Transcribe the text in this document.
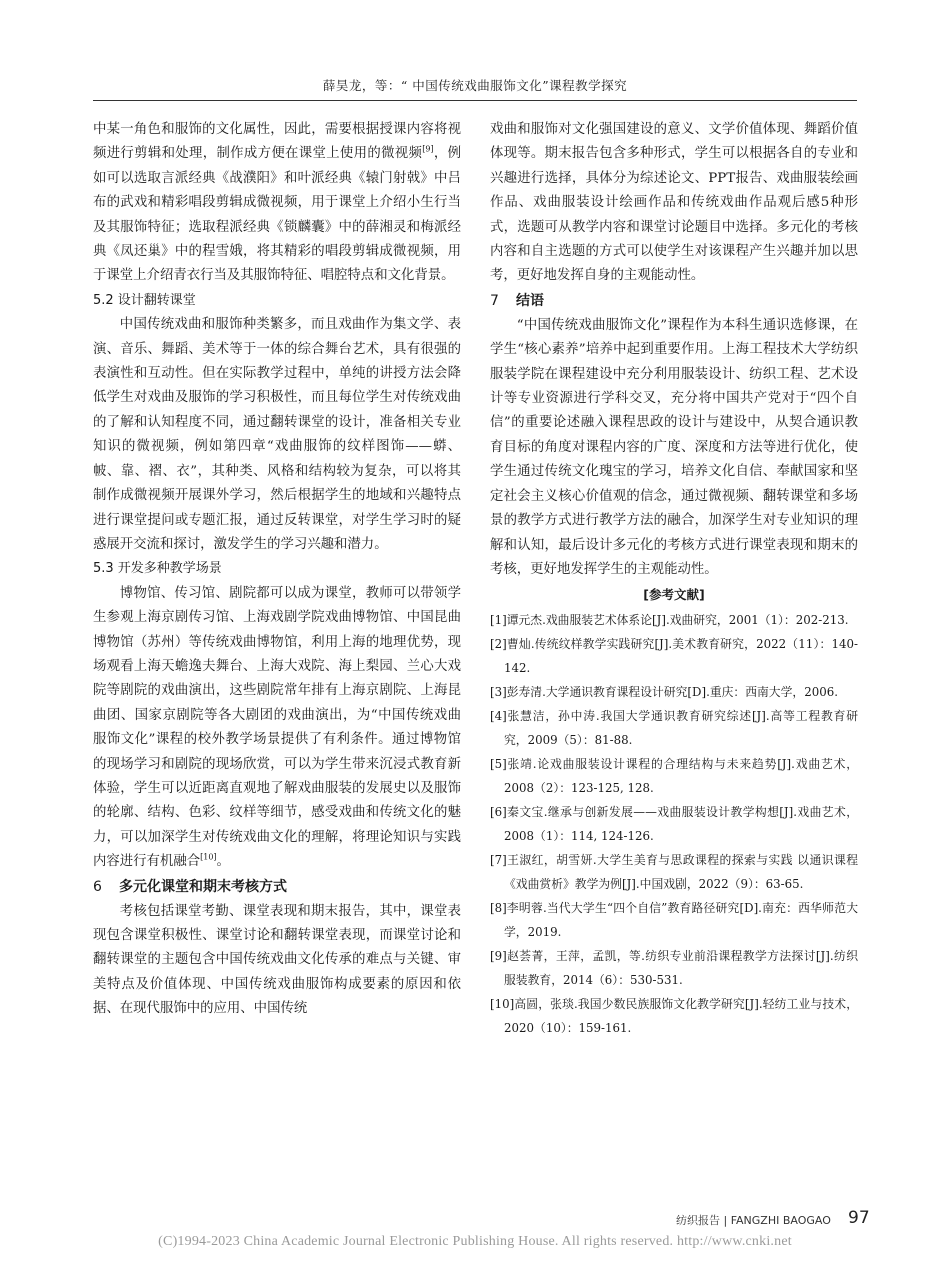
薛昊龙，等：“ 中国传统戏曲服饰文化”课程教学探究

中某一角色和服饰的文化属性，因此，需要根据授课内容将视频进行剪辑和处理，制作成方便在课堂上使用的微视频[9]，例如可以选取言派经典《战濮阳》和叶派经典《辕门射戟》中吕布的武戏和精彩唱段剪辑成微视频，用于课堂上介绍小生行当及其服饰特征；选取程派经典《锁麟囊》中的薛湘灵和梅派经典《凤还巢》中的程雪娥，将其精彩的唱段剪辑成微视频，用于课堂上介绍青衣行当及其服饰特征、唱腔特点和文化背景。

5.2 设计翻转课堂

中国传统戏曲和服饰种类繁多，而且戏曲作为集文学、表演、音乐、舞蹈、美术等于一体的综合舞台艺术，具有很强的表演性和互动性。但在实际教学过程中，单纯的讲授方法会降低学生对戏曲及服饰的学习积极性，而且每位学生对传统戏曲的了解和认知程度不同，通过翻转课堂的设计，准备相关专业知识的微视频，例如第四章“戏曲服饰的纹样图饰——蟒、帔、靠、褶、衣”，其种类、风格和结构较为复杂，可以将其制作成微视频开展课外学习，然后根据学生的地域和兴趣特点进行课堂提问或专题汇报，通过反转课堂，对学生学习时的疑惑展开交流和探讨，激发学生的学习兴趣和潜力。

5.3 开发多种教学场景

博物馆、传习馆、剧院都可以成为课堂，教师可以带领学生参观上海京剧传习馆、上海戏剧学院戏曲博物馆、中国昆曲博物馆（苏州）等传统戏曲博物馆，利用上海的地理优势，现场观看上海天蟾逸夫舞台、上海大戏院、海上梨园、兰心大戏院等剧院的戏曲演出，这些剧院常年排有上海京剧院、上海昆曲团、国家京剧院等各大剧团的戏曲演出，为“中国传统戏曲服饰文化”课程的校外教学场景提供了有利条件。通过博物馆的现场学习和剧院的现场欣赏，可以为学生带来沉浸式教育新体验，学生可以近距离直观地了解戏曲服装的发展史以及服饰的轮廓、结构、色彩、纹样等细节，感受戏曲和传统文化的魅力，可以加深学生对传统戏曲文化的理解，将理论知识与实践内容进行有机融合[10]。

6 多元化课堂和期末考核方式

考核包括课堂考勤、课堂表现和期末报告，其中，课堂表现包含课堂积极性、课堂讨论和翻转课堂表现，而课堂讨论和翻转课堂的主题包含中国传统戏曲文化传承的难点与关键、审美特点及价值体现、中国传统戏曲服饰构成要素的原因和依据、在现代服饰中的应用、中国传统

戏曲和服饰对文化强国建设的意义、文学价值体现、舞蹈价值体现等。期末报告包含多种形式，学生可以根据各自的专业和兴趣进行选择，具体分为综述论文、PPT报告、戏曲服装绘画作品、戏曲服装设计绘画作品和传统戏曲作品观后感5种形式，选题可从教学内容和课堂讨论题目中选择。多元化的考核内容和自主选题的方式可以使学生对该课程产生兴趣并加以思考，更好地发挥自身的主观能动性。

7 结语

“中国传统戏曲服饰文化”课程作为本科生通识选修课，在学生“核心素养”培养中起到重要作用。上海工程技术大学纺织服装学院在课程建设中充分利用服装设计、纺织工程、艺术设计等专业资源进行学科交叉，充分将中国共产党对于“四个自信”的重要论述融入课程思政的设计与建设中，从契合通识教育目标的角度对课程内容的广度、深度和方法等进行优化，使学生通过传统文化瑰宝的学习，培养文化自信、奉献国家和坚定社会主义核心价值观的信念，通过微视频、翻转课堂和多场景的教学方式进行教学方法的融合，加深学生对专业知识的理解和认知，最后设计多元化的考核方式进行课堂表现和期末的考核，更好地发挥学生的主观能动性。

[参考文献]

[1]谭元杰.戏曲服装艺术体系论[J].戏曲研究，2001（1）：202-213.

[2]曹灿.传统纹样教学实践研究[J].美术教育研究，2022（11）：140-142.

[3]彭寿清.大学通识教育课程设计研究[D].重庆：西南大学，2006.

[4]张慧洁，孙中涛.我国大学通识教育研究综述[J].高等工程教育研究，2009（5）：81-88.

[5]张靖.论戏曲服装设计课程的合理结构与未来趋势[J].戏曲艺术，2008（2）：123-125, 128.

[6]秦文宝.继承与创新发展——戏曲服装设计教学构想[J].戏曲艺术，2008（1）：114, 124-126.

[7]王淑红，胡雪妍.大学生美育与思政课程的探索与实践 以通识课程《戏曲赏析》教学为例[J].中国戏剧，2022（9）：63-65.

[8]李明蓉.当代大学生“四个自信”教育路径研究[D].南充：西华师范大学，2019.

[9]赵荟菁，王萍，孟凯，等.纺织专业前沿课程教学方法探讨[J].纺织服装教育，2014（6）：530-531.

[10]高圆，张琰.我国少数民族服饰文化教学研究[J].轻纺工业与技术，2020（10）：159-161.

纺织报告 | FANGZHI BAOGAO 97
(C)1994-2023 China Academic Journal Electronic Publishing House. All rights reserved. http://www.cnki.net
